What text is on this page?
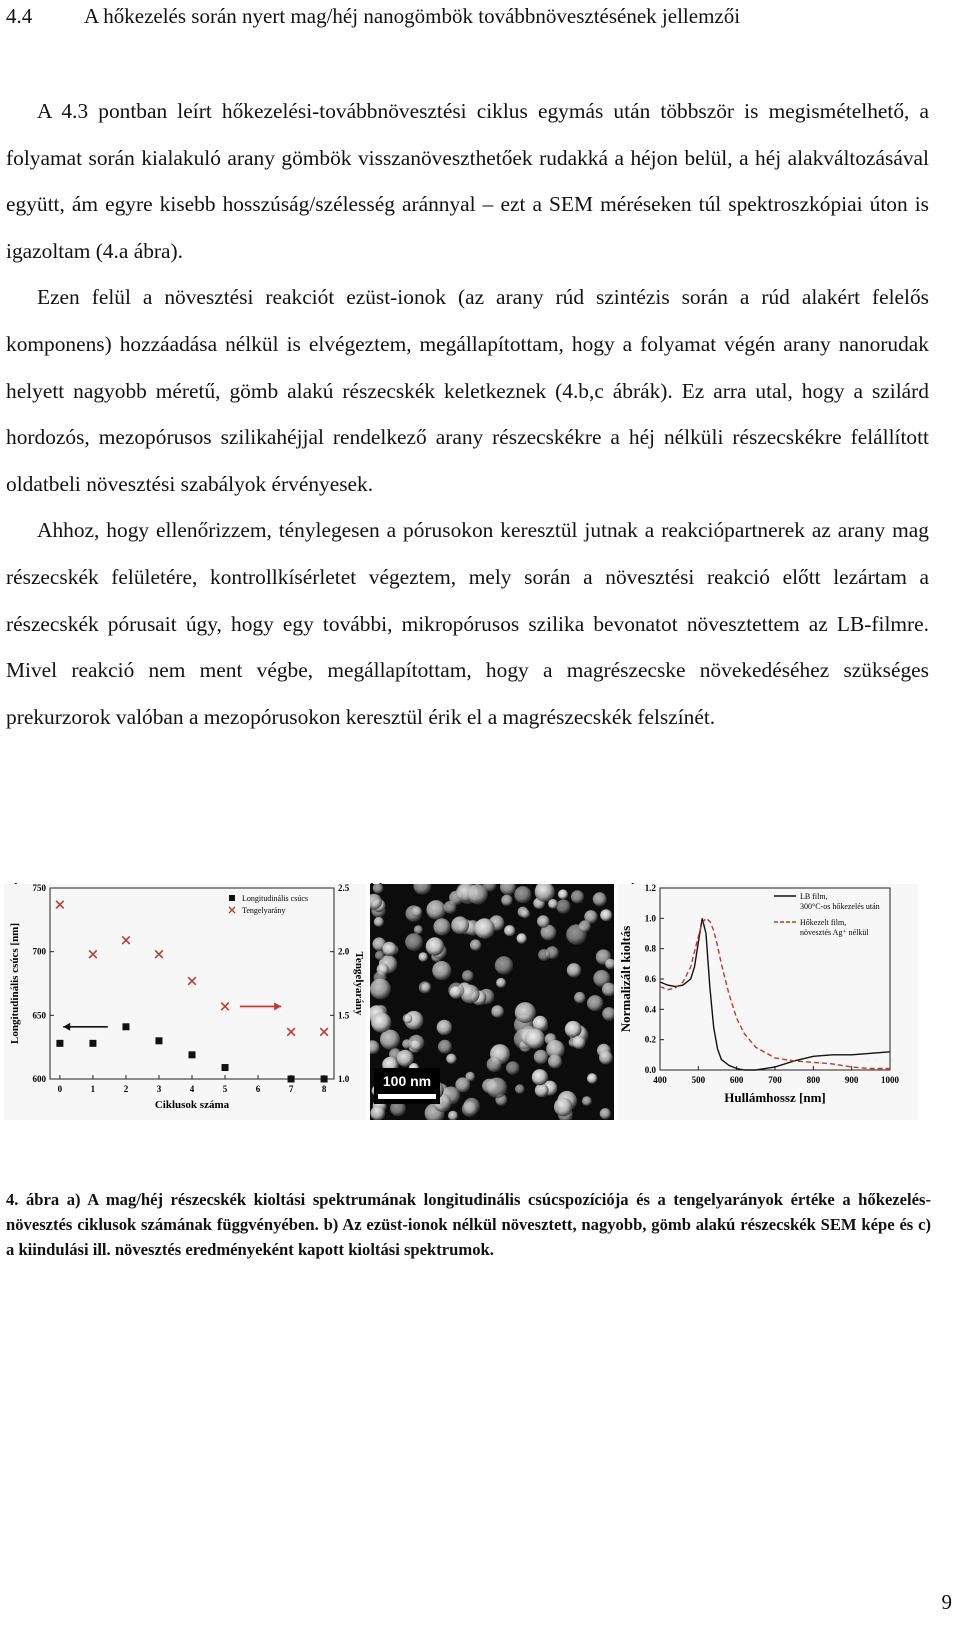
4.4 A hőkezelés során nyert mag/héj nanogömbök továbbnövesztésének jellemzői

A 4.3 pontban leírt hőkezelési-továbbnövesztési ciklus egymás után többször is megismételhető, a folyamat során kialakuló arany gömbök visszanöveszthetőek rudakká a héjon belül, a héj alakváltozásával együtt, ám egyre kisebb hosszúság/szélesség aránnyal – ezt a SEM méréseken túl spektroszkópiai úton is igazoltam (4.a ábra).

Ezen felül a növesztési reakciót ezüst-ionok (az arany rúd szintézis során a rúd alakért felelős komponens) hozzáadása nélkül is elvégeztem, megállapítottam, hogy a folyamat végén arany nanorudak helyett nagyobb méretű, gömb alakú részecskék keletkeznek (4.b,c ábrák). Ez arra utal, hogy a szilárd hordozós, mezopórusos szilikahéjjal rendelkező arany részecskékre a héj nélküli részecskékre felállított oldatbeli növesztési szabályok érvényesek.

Ahhoz, hogy ellenőrizzem, ténylegesen a pórusokon keresztül jutnak a reakciópartnerek az arany mag részecskék felületére, kontrollkísérletet végeztem, mely során a növesztési reakció előtt lezártam a részecskék pórusait úgy, hogy egy további, mikropórusos szilika bevonatot növesztettem az LB-filmre. Mivel reakció nem ment végbe, megállapítottam, hogy a magrészecske növekedéséhez szükséges prekurzorok valóban a mezopórusokon keresztül érik el a magrészecskék felszínét.

0	1	2	3	4	5	6	7	8
600
650
700
750
1.0
1.5
2.0
2.5
Ciklusok száma
Longitudinális csúcs [nm]	Tengelyarány
Longitudinális csúcs
Tengelyarány
100 nm	400	500	600	700	800	900	1000
0.0
0.2
0.4
0.6
0.8
1.0
1.2
Hullámhossz [nm]
Normalizált kioltás
LB film,
300°C-os hőkezelés után
Hőkezelt film,
növesztés Ag⁺ nélkül
4. ábra a) A mag/héj részecskék kioltási spektrumának longitudinális csúcspozíciója és a tengelyarányok értéke a hőkezelés-növesztés ciklusok számának függvényében. b) Az ezüst-ionok nélkül növesztett, nagyobb, gömb alakú részecskék SEM képe és c) a kiindulási ill. növesztés eredményeként kapott kioltási spektrumok.
9
